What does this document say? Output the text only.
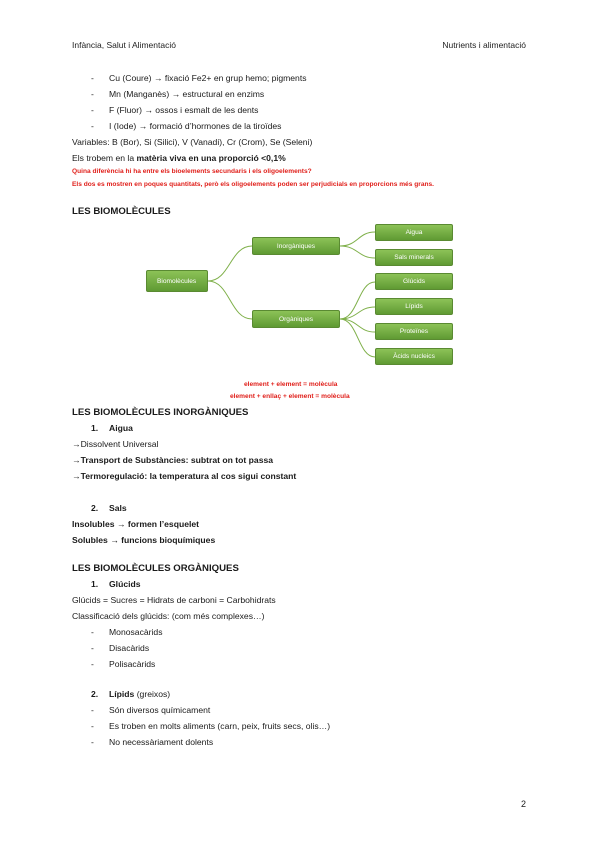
Infància, Salut i Alimentació	Nutrients i alimentació
- Cu (Coure) → fixació Fe2+ en grup hemo; pigments
- Mn (Manganès) → estructural en enzims
- F (Fluor) → ossos i esmalt de les dents
- I (Iode) → formació d’hormones de la tiroïdes
Variables: B (Bor), Si (Silici), V (Vanadi), Cr (Crom), Se (Seleni)
Els trobem en la matèria viva en una proporció <0,1%
Quina diferència hi ha entre els bioelements secundaris i els oligoelements?
Els dos es mostren en poques quantitats, però els oligoelements poden ser perjudicials en proporcions més grans.
LES BIOMOLÈCULES
Biomolècules
Inorgàniques
Orgàniques
Aigua
Sals minerals
Glúcids
Lípids
Proteïnes
Àcids nucleics
element + element = molècula
element + enllaç + element = molècula
LES BIOMOLÈCULES INORGÀNIQUES
1. Aigua
→Dissolvent Universal
→Transport de Substàncies: subtrat on tot passa
→Termoregulació: la temperatura al cos sigui constant
2. Sals
Insolubles → formen l’esquelet
Solubles → funcions bioquímiques
LES BIOMOLÈCULES ORGÀNIQUES
1. Glúcids
Glúcids = Sucres = Hidrats de carboni = Carbohidrats
Classificació dels glúcids: (com més complexes…)
- Monosacàrids
- Disacàrids
- Polisacàrids
2. Lípids (greixos)
- Són diversos químicament
- Es troben en molts aliments (carn, peix, fruits secs, olis…)
- No necessàriament dolents
2
